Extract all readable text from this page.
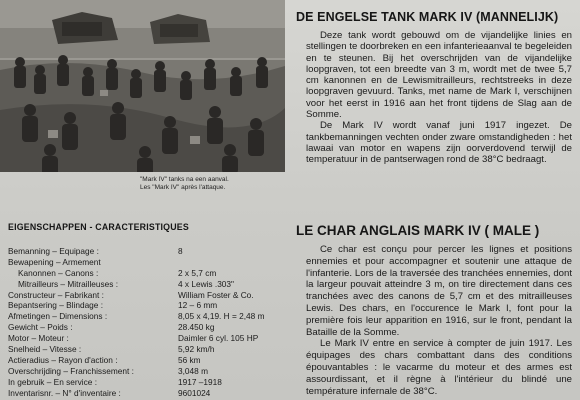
"Mark IV" tanks na een aanval.
Les "Mark IV" après l'attaque.
DE ENGELSE TANK MARK IV (MANNELIJK)

Deze tank wordt gebouwd om de vijandelijke linies en stellingen te doorbreken en een infanterieaanval te begeleiden en te steunen. Bij het overschrijden van de vijandelijke loopgraven, tot een breedte van 3 m, wordt met de twee 5,7 cm kanonnen en de Lewismitrailleurs, rechtstreeks in deze loopgraven gevuurd. Tanks, met name de Mark I, verschijnen voor het eerst in 1916 aan het front tijdens de Slag aan de Somme.

De Mark IV wordt vanaf juni 1917 ingezet. De tankbemanningen vechten onder zware omstandigheden : het lawaai van motor en wapens zijn oorverdovend terwijl de temperatuur in de pantserwagen rond de 38°C bedraagt.

EIGENSCHAPPEN - CARACTERISTIQUES
Bemanning – Equipage :	8
Bewapening – Armement
Kanonnen – Canons :	2 x 5,7 cm
Mitrailleurs – Mitrailleuses :	4 x Lewis .303"
Constructeur – Fabrikant :	William Foster & Co.
Bepantsering – Blindage :	12 – 6 mm
Afmetingen – Dimensions :	8,05 x 4,19. H = 2,48 m
Gewicht – Poids :	28.450 kg
Motor – Moteur :	Daimler 6 cyl. 105 HP
Snelheid – Vitesse :	5,92 km/h
Actieradius – Rayon d'action :	56 km
Overschrijding – Franchissement :	3,048 m
In gebruik – En service :	1917 –1918
Inventarisnr. – N° d'inventaire :	9601024
LE CHAR ANGLAIS MARK IV ( MALE )

Ce char est conçu pour percer les lignes et positions ennemies et pour accompagner et soutenir une attaque de l'infanterie. Lors de la traversée des tranchées ennemies, dont la largeur pouvait atteindre 3 m, on tire directement dans ces tranchées avec des canons de 5,7 cm et des mitrailleuses Lewis. Des chars, en l'occurence le Mark I, font pour la première fois leur apparition en 1916, sur le front, pendant la Bataille de la Somme.

Le Mark IV entre en service à compter de juin 1917. Les équipages des chars combattant dans des conditions épouvantables : le vacarme du moteur et des armes est assourdissant, et il règne à l'intérieur du blindé une température infernale de 38°C.
